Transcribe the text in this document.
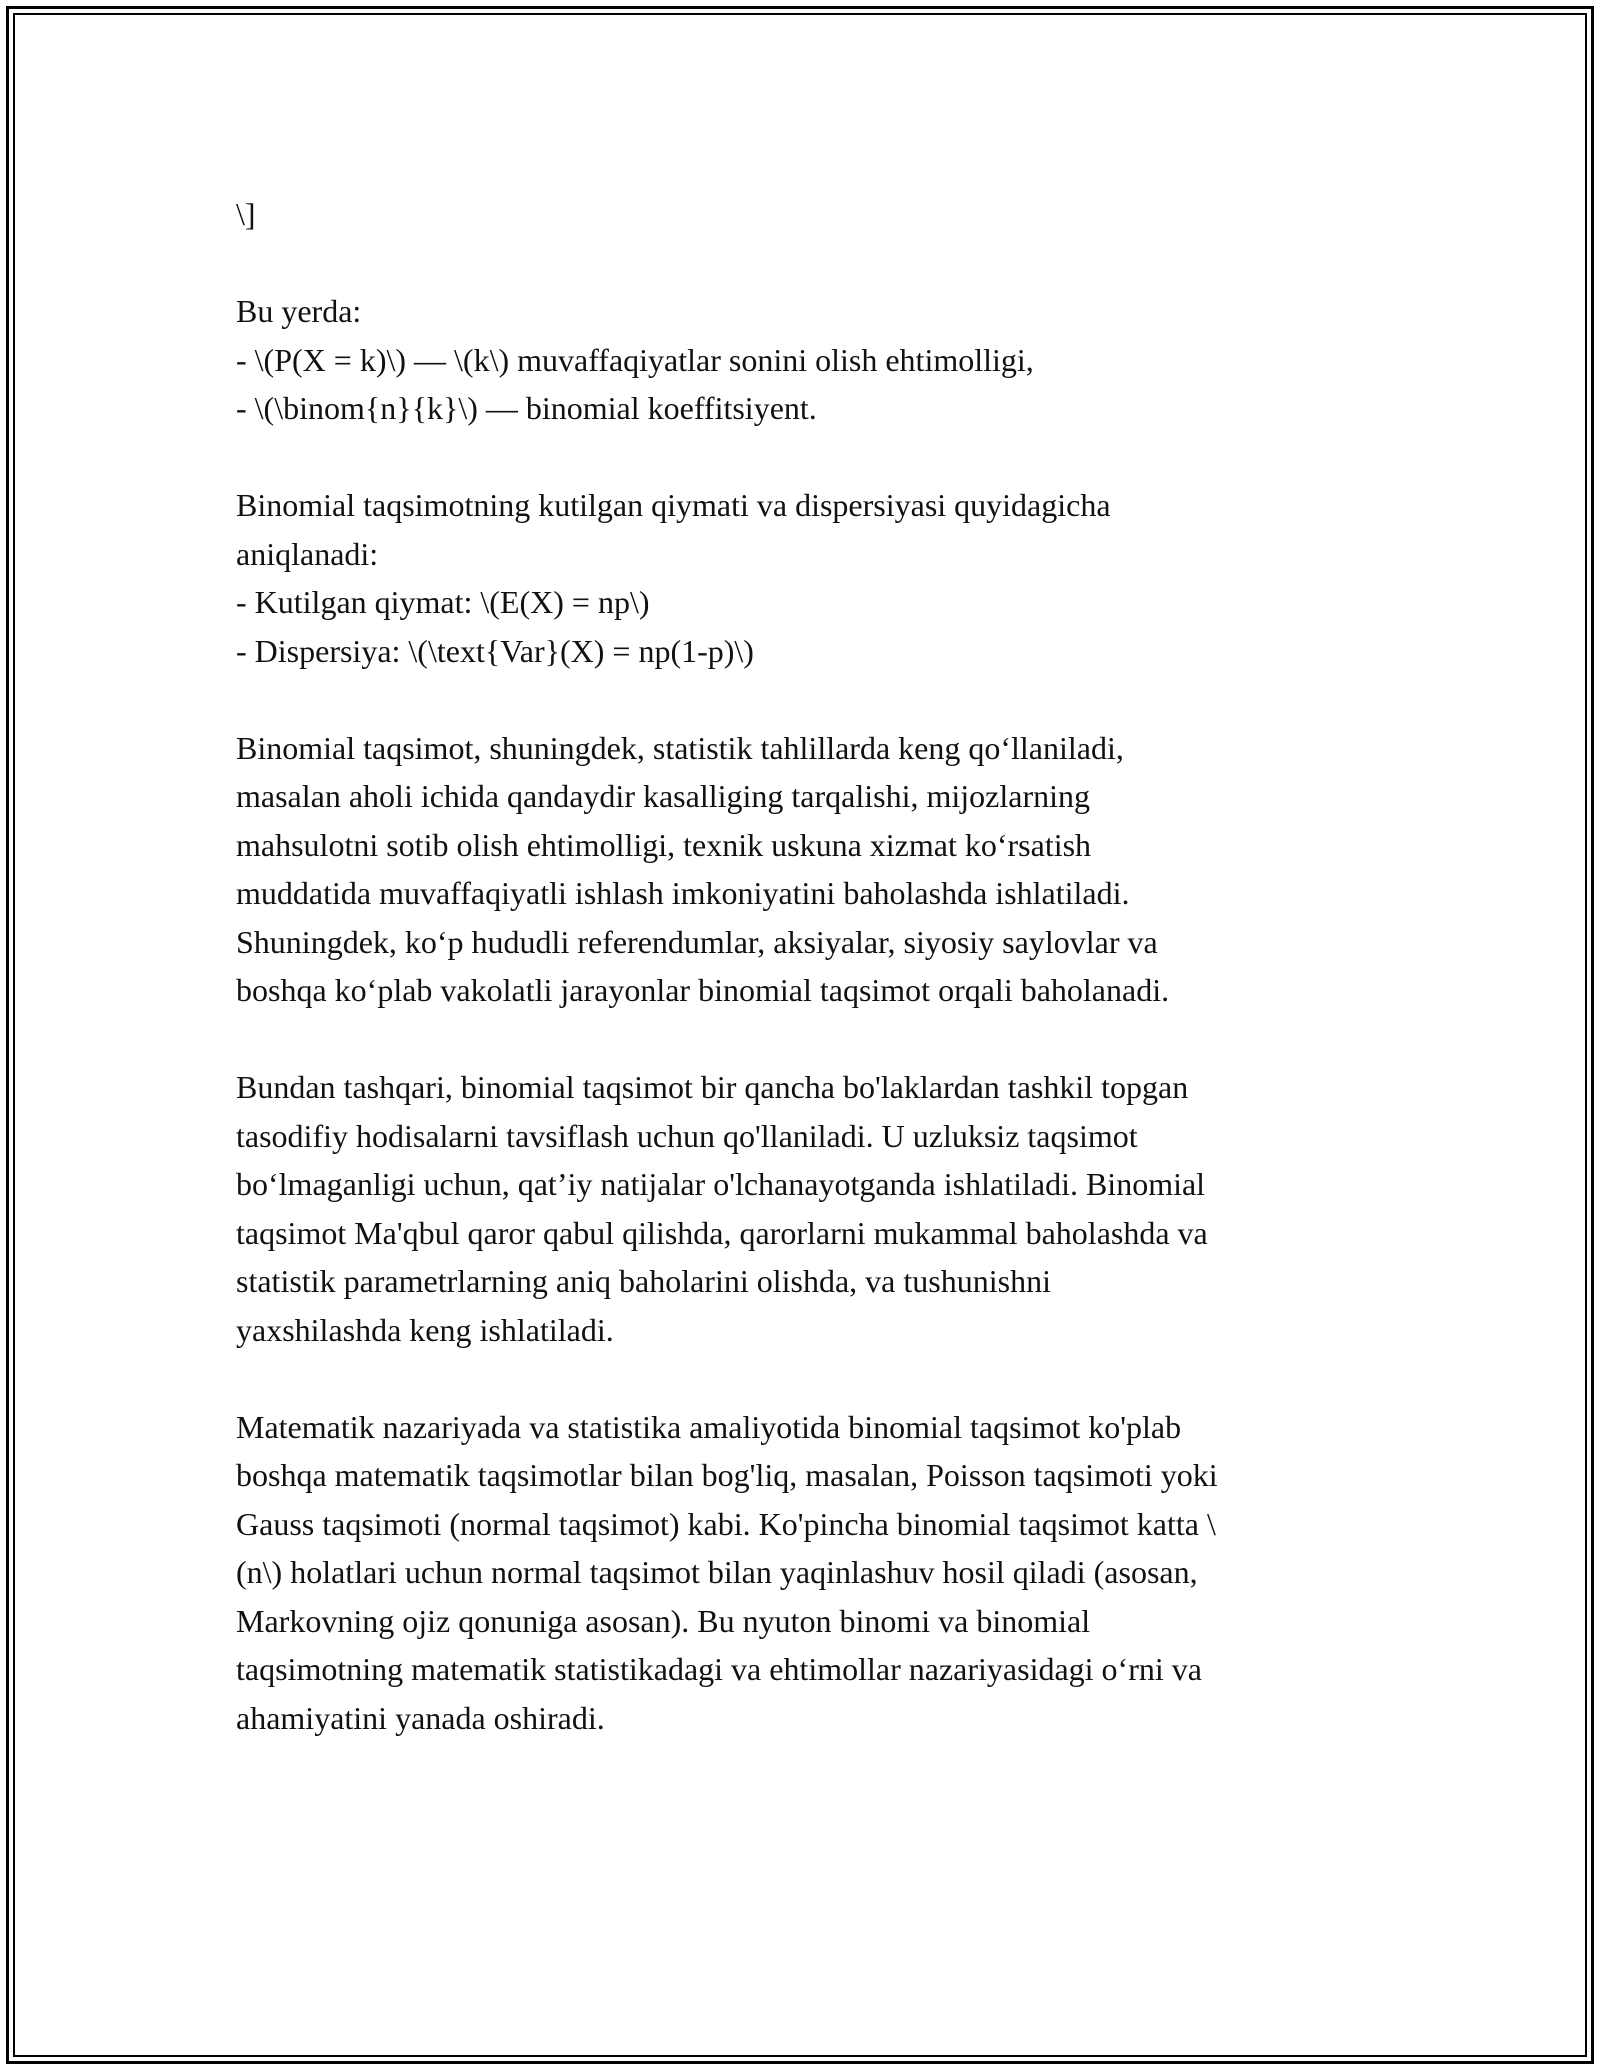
\]
Bu yerda:
- \(P(X = k)\) — \(k\) muvaffaqiyatlar sonini olish ehtimolligi,
- \(\binom{n}{k}\) — binomial koeffitsiyent.
Binomial taqsimotning kutilgan qiymati va dispersiyasi quyidagicha
aniqlanadi:
- Kutilgan qiymat: \(E(X) = np\)
- Dispersiya: \(\text{Var}(X) = np(1-p)\)
Binomial taqsimot, shuningdek, statistik tahlillarda keng qo‘llaniladi,
masalan aholi ichida qandaydir kasalliging tarqalishi, mijozlarning
mahsulotni sotib olish ehtimolligi, texnik uskuna xizmat ko‘rsatish
muddatida muvaffaqiyatli ishlash imkoniyatini baholashda ishlatiladi.
Shuningdek, ko‘p hududli referendumlar, aksiyalar, siyosiy saylovlar va
boshqa ko‘plab vakolatli jarayonlar binomial taqsimot orqali baholanadi.
Bundan tashqari, binomial taqsimot bir qancha bo'laklardan tashkil topgan
tasodifiy hodisalarni tavsiflash uchun qo'llaniladi. U uzluksiz taqsimot
bo‘lmaganligi uchun, qat’iy natijalar o'lchanayotganda ishlatiladi. Binomial
taqsimot Ma'qbul qaror qabul qilishda, qarorlarni mukammal baholashda va
statistik parametrlarning aniq baholarini olishda, va tushunishni
yaxshilashda keng ishlatiladi.
Matematik nazariyada va statistika amaliyotida binomial taqsimot ko'plab
boshqa matematik taqsimotlar bilan bog'liq, masalan, Poisson taqsimoti yoki
Gauss taqsimoti (normal taqsimot) kabi. Ko'pincha binomial taqsimot katta \
(n\) holatlari uchun normal taqsimot bilan yaqinlashuv hosil qiladi (asosan,
Markovning ojiz qonuniga asosan). Bu nyuton binomi va binomial
taqsimotning matematik statistikadagi va ehtimollar nazariyasidagi o‘rni va
ahamiyatini yanada oshiradi.
